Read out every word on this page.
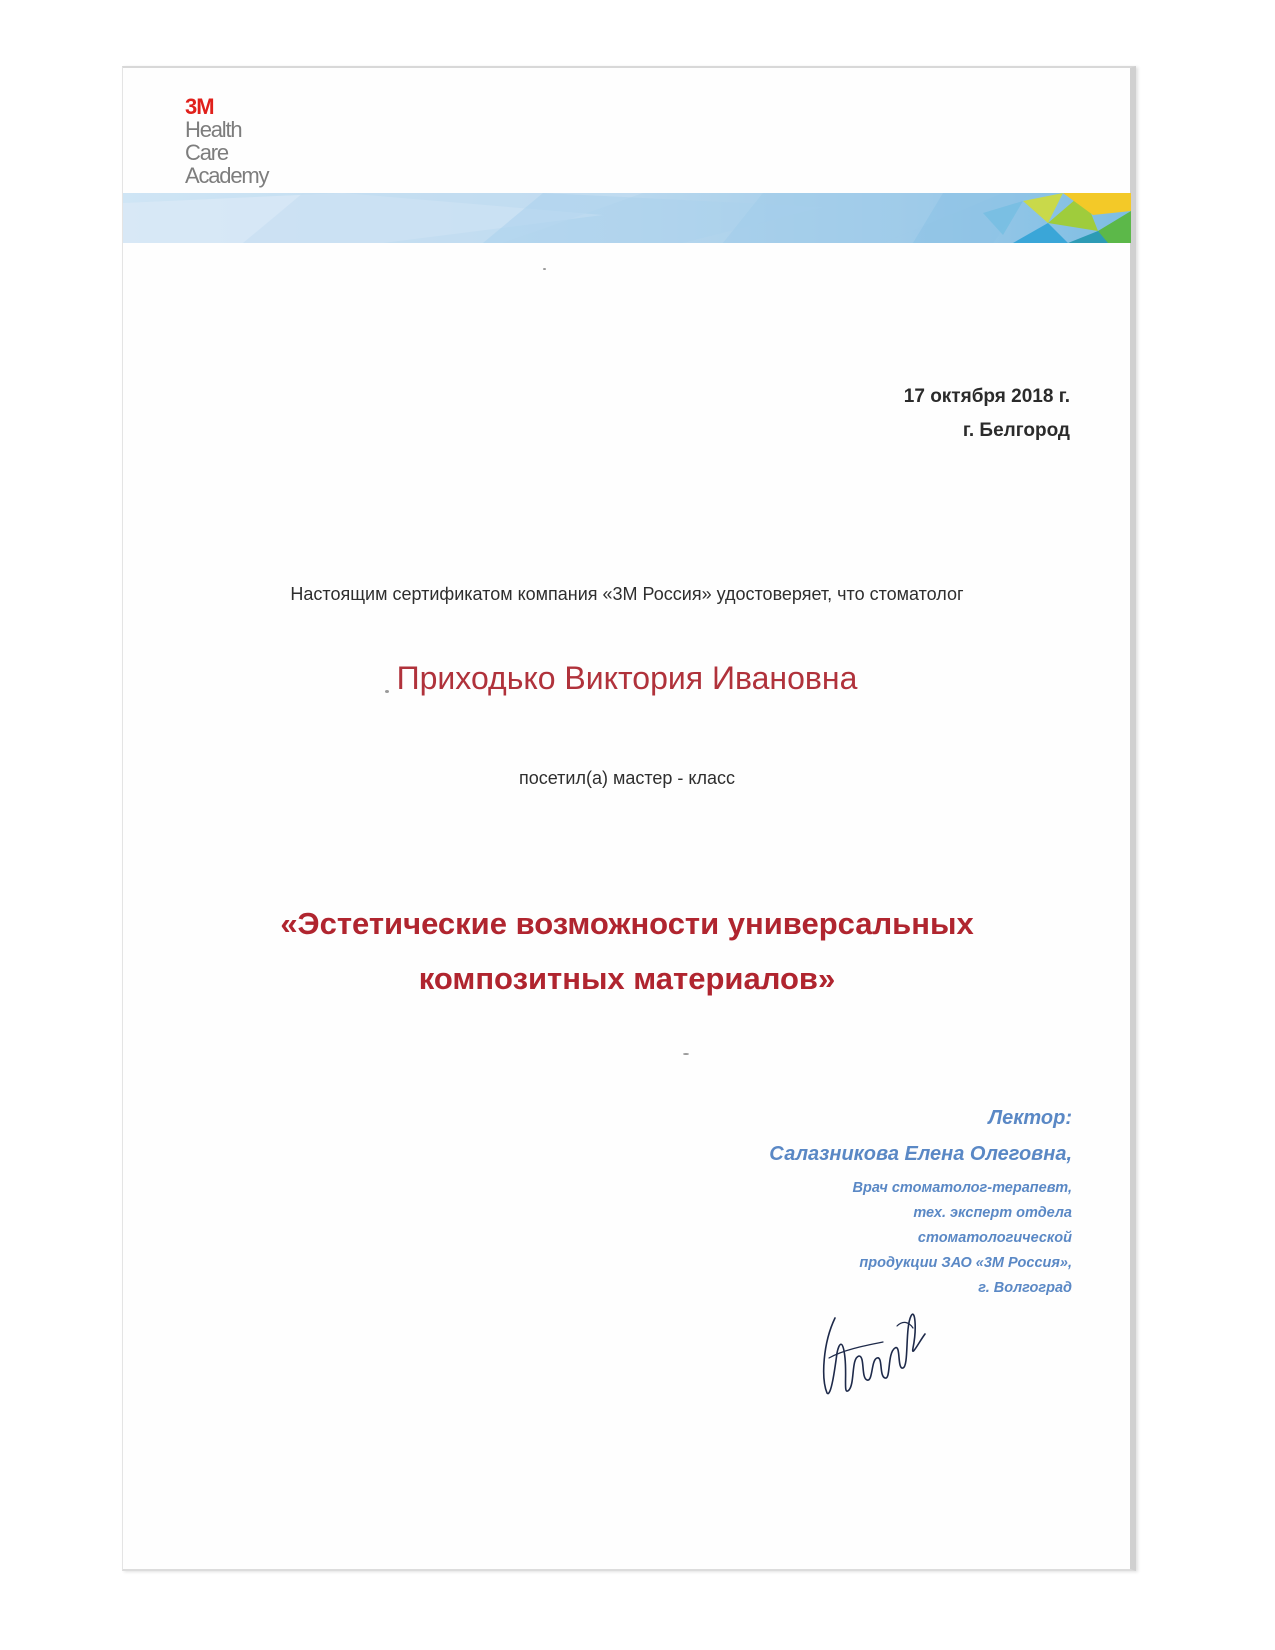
3M
Health
Care
Academy
17 октября 2018 г.
г. Белгород
Настоящим сертификатом компания «3М Россия» удостоверяет, что стоматолог
Приходько Виктория Ивановна
посетил(а) мастер - класс
«Эстетические возможности универсальных
композитных материалов»
Лектор:
Салазникова Елена Олеговна,
Врач стоматолог-терапевт,
тех. эксперт отдела
стоматологической
продукции ЗАО «3М Россия»,
г. Волгоград
